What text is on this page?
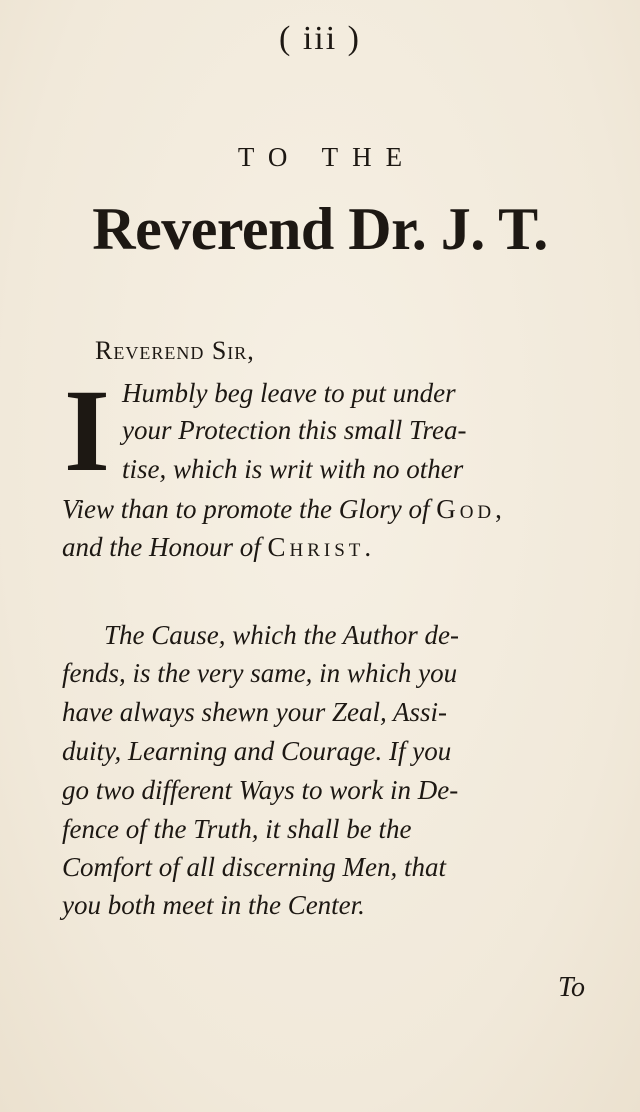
( iii )
TO THE
Reverend Dr. J. T.
Reverend Sir,
I Humbly beg leave to put under
your Protection this small Trea-
tise, which is writ with no other
View than to promote the Glory of God,
and the Honour of Christ.
The Cause, which the Author de-
fends, is the very same, in which you
have always shewn your Zeal, Assi-
duity, Learning and Courage. If you
go two different Ways to work in De-
fence of the Truth, it shall be the
Comfort of all discerning Men, that
you both meet in the Center.
To
